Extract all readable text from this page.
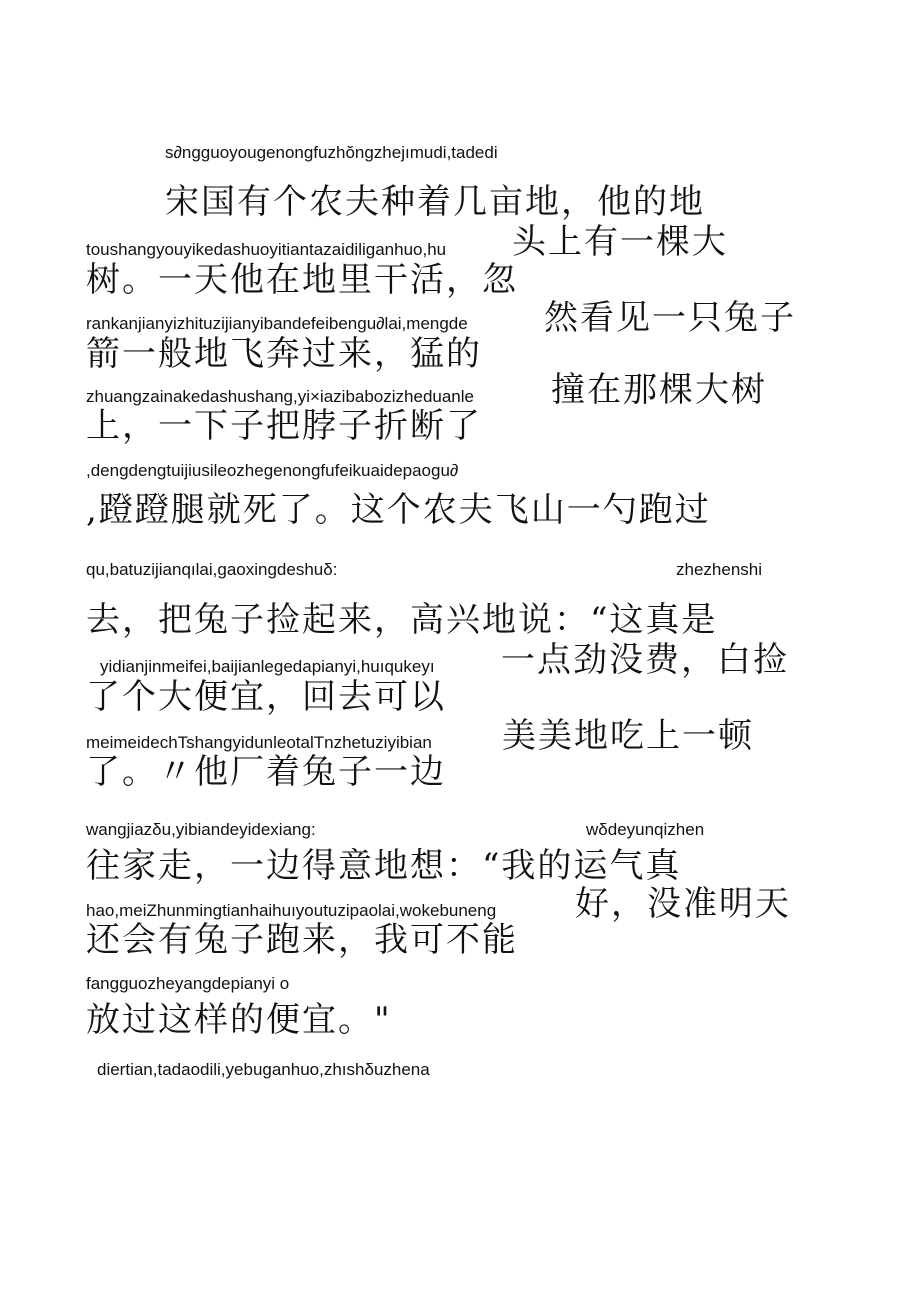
s∂ngguoyougenongfuzhŏngzhejımudi,tadedi

宋国有个农夫种着几亩地，他的地

toushangyouyikedashuoyitiantazaidiliganhuo,hu 头上有一棵大

树。一天他在地里干活，忽

rankanjianyizhituzijianyibandefeibengu∂lai,mengde 然看见一只兔子

箭一般地飞奔过来，猛的

zhuangzainakedashushang,yi×iazibabozizheduanle 撞在那棵大树

上，一下子把脖子折断了

,dengdengtuijiusileozhegenongfufeikuaidepaogu∂

,蹬蹬腿就死了。这个农夫飞山一勺跑过

qu,batuzijianqılai,gaoxingdeshuδ:	zhezhenshi

去，把兔子捡起来，高兴地说：“这真是

yidianjinmeifei,baijianlegedapianyi,huıqukeyı 一点劲没费，白捡

了个大便宜，回去可以

meimeidechTshangyidunleotalTnzhetuziyibian 美美地吃上一顿

了。〃他厂着兔子一边

wangjiazδu,yibiandeyidexiang:	wδdeyunqizhen

往家走，一边得意地想：“我的运气真

hao,meiZhunmingtianhaihuıyoutuzipaolai,wokebuneng 好，没准明天

还会有兔子跑来，我可不能

fangguozheyangdepianyi o

放过这样的便宜。"

diertian,tadaodili,yebuganhuo,zhıshδuzhena
